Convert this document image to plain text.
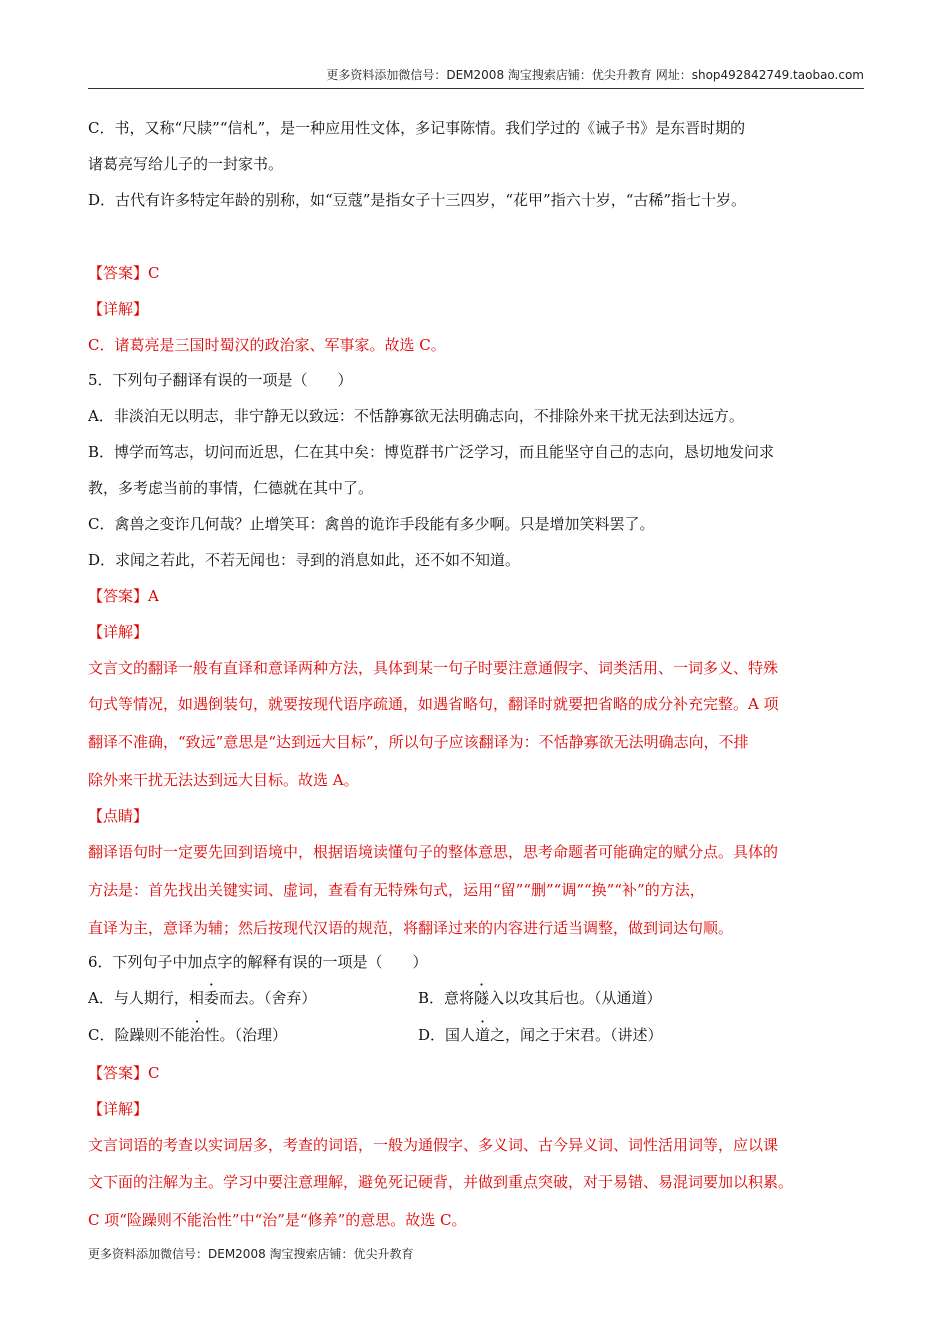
更多资料添加微信号：DEM2008 淘宝搜索店铺：优尖升教育 网址：shop492842749.taobao.com
C．书，又称“尺牍”“信札”，是一种应用性文体，多记事陈情。我们学过的《诫子书》是东晋时期的
诸葛亮写给儿子的一封家书。
D．古代有许多特定年龄的别称，如“豆蔻”是指女子十三四岁，“花甲”指六十岁，“古稀”指七十岁。
【答案】C
【详解】
C．诸葛亮是三国时蜀汉的政治家、军事家。故选 C。
5．下列句子翻译有误的一项是（　　）
A．非淡泊无以明志，非宁静无以致远：不恬静寡欲无法明确志向，不排除外来干扰无法到达远方。
B．博学而笃志，切问而近思，仁在其中矣：博览群书广泛学习，而且能坚守自己的志向，恳切地发问求
教，多考虑当前的事情，仁德就在其中了。
C．禽兽之变诈几何哉？止增笑耳：禽兽的诡诈手段能有多少啊。只是增加笑料罢了。
D．求闻之若此，不若无闻也：寻到的消息如此，还不如不知道。
【答案】A
【详解】
文言文的翻译一般有直译和意译两种方法，具体到某一句子时要注意通假字、词类活用、一词多义、特殊
句式等情况，如遇倒装句，就要按现代语序疏通，如遇省略句，翻译时就要把省略的成分补充完整。A 项
翻译不准确，“致远”意思是“达到远大目标”，所以句子应该翻译为：不恬静寡欲无法明确志向，不排
除外来干扰无法达到远大目标。故选 A。
【点睛】
翻译语句时一定要先回到语境中，根据语境读懂句子的整体意思，思考命题者可能确定的赋分点。具体的
方法是：首先找出关键实词、虚词，查看有无特殊句式，运用“留”“删”“调”“换”“补”的方法，
直译为主，意译为辅；然后按现代汉语的规范，将翻译过来的内容进行适当调整，做到词达句顺。
6．下列句子中加点字的解释有误的一项是（　　）
A．与人期行，相委而去。（舍弃）	B．意将隧入以攻其后也。（从通道）
C．险躁则不能治性。（治理）	D．国人道之，闻之于宋君。（讲述）
【答案】C
【详解】
文言词语的考查以实词居多，考查的词语，一般为通假字、多义词、古今异义词、词性活用词等，应以课
文下面的注解为主。学习中要注意理解，避免死记硬背，并做到重点突破，对于易错、易混词要加以积累。
C 项“险躁则不能治性”中“治”是“修养”的意思。故选 C。
更多资料添加微信号：DEM2008 淘宝搜索店铺：优尖升教育
